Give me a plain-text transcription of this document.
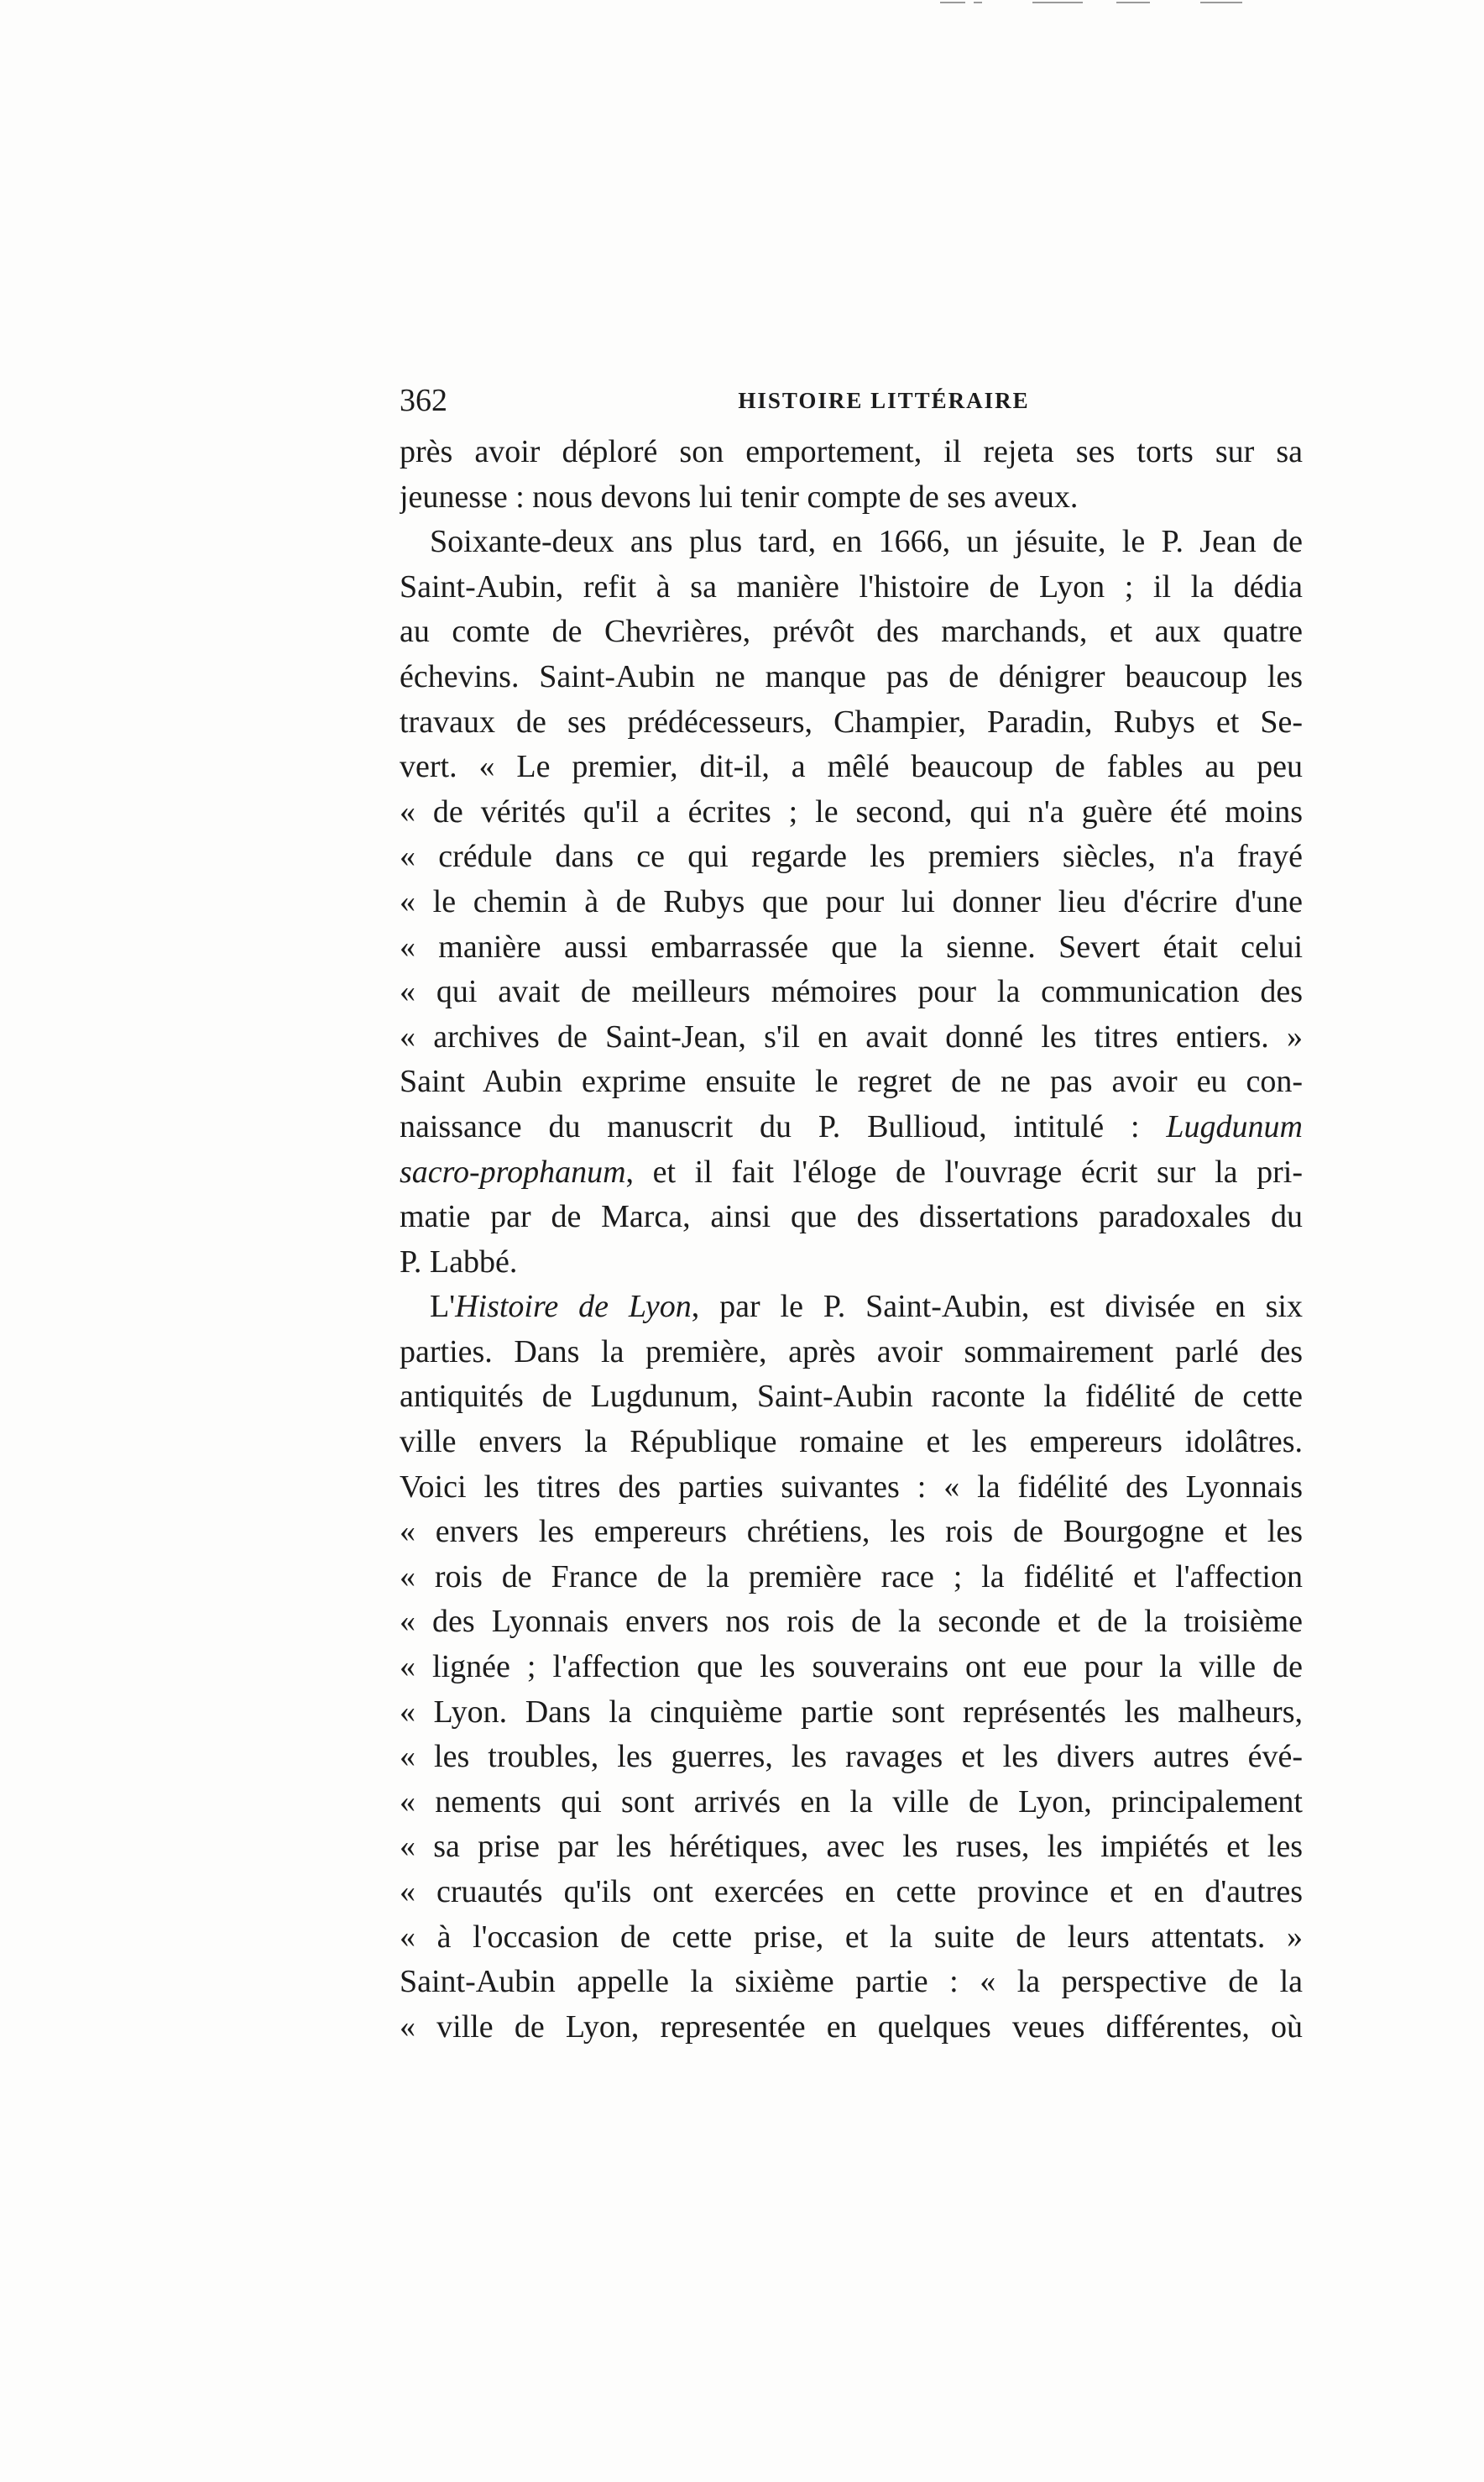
362	HISTOIRE LITTÉRAIRE
près avoir déploré son emportement, il rejeta ses torts sur sa
jeunesse : nous devons lui tenir compte de ses aveux.
Soixante-deux ans plus tard, en 1666, un jésuite, le P. Jean de
Saint-Aubin, refit à sa manière l'histoire de Lyon ; il la dédia
au comte de Chevrières, prévôt des marchands, et aux quatre
échevins. Saint-Aubin ne manque pas de dénigrer beaucoup les
travaux de ses prédécesseurs, Champier, Paradin, Rubys et Se-
vert. « Le premier, dit-il, a mêlé beaucoup de fables au peu
« de vérités qu'il a écrites ; le second, qui n'a guère été moins
« crédule dans ce qui regarde les premiers siècles, n'a frayé
« le chemin à de Rubys que pour lui donner lieu d'écrire d'une
« manière aussi embarrassée que la sienne. Severt était celui
« qui avait de meilleurs mémoires pour la communication des
« archives de Saint-Jean, s'il en avait donné les titres entiers. »
Saint Aubin exprime ensuite le regret de ne pas avoir eu con-
naissance du manuscrit du P. Bullioud, intitulé : Lugdunum
sacro-prophanum, et il fait l'éloge de l'ouvrage écrit sur la pri-
matie par de Marca, ainsi que des dissertations paradoxales du
P. Labbé.
L'Histoire de Lyon, par le P. Saint-Aubin, est divisée en six
parties. Dans la première, après avoir sommairement parlé des
antiquités de Lugdunum, Saint-Aubin raconte la fidélité de cette
ville envers la République romaine et les empereurs idolâtres.
Voici les titres des parties suivantes : « la fidélité des Lyonnais
« envers les empereurs chrétiens, les rois de Bourgogne et les
« rois de France de la première race ; la fidélité et l'affection
« des Lyonnais envers nos rois de la seconde et de la troisième
« lignée ; l'affection que les souverains ont eue pour la ville de
« Lyon. Dans la cinquième partie sont représentés les malheurs,
« les troubles, les guerres, les ravages et les divers autres évé-
« nements qui sont arrivés en la ville de Lyon, principalement
« sa prise par les hérétiques, avec les ruses, les impiétés et les
« cruautés qu'ils ont exercées en cette province et en d'autres
« à l'occasion de cette prise, et la suite de leurs attentats. »
Saint-Aubin appelle la sixième partie : « la perspective de la
« ville de Lyon, representée en quelques veues différentes, où
